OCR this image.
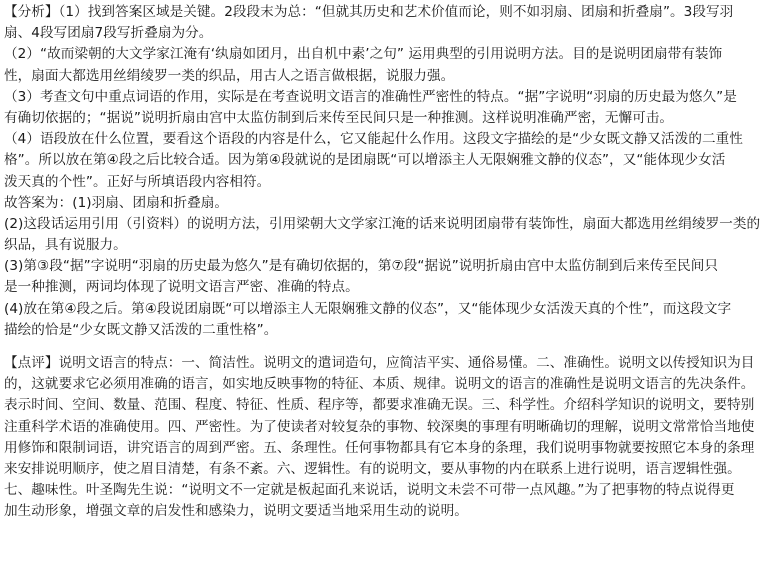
【分析】（1）找到答案区域是关键。2段段末为总：“但就其历史和艺术价值而论，则不如羽扇、团扇和折叠扇”。3段写羽
扇、4段写团扇7段写折叠扇为分。
（2）“故而梁朝的大文学家江淹有‘纨扇如团月，出自机中素’之句” 运用典型的引用说明方法。目的是说明团扇带有装饰
性，扇面大都选用丝绢绫罗一类的织品，用古人之语言做根据，说服力强。
（3）考查文句中重点词语的作用，实际是在考查说明文语言的准确性严密性的特点。“据”字说明“羽扇的历史最为悠久”是
有确切依据的；“据说”说明折扇由宫中太监仿制到后来传至民间只是一种推测。这样说明准确严密，无懈可击。
（4）语段放在什么位置，要看这个语段的内容是什么，它又能起什么作用。这段文字描绘的是“少女既文静又活泼的二重性
格”。所以放在第④段之后比较合适。因为第④段就说的是团扇既“可以增添主人无限娴雅文静的仪态”，又“能体现少女活
泼天真的个性”。正好与所填语段内容相符。
故答案为：(1)羽扇、团扇和折叠扇。
(2)这段话运用引用（引资料）的说明方法，引用梁朝大文学家江淹的话来说明团扇带有装饰性，扇面大都选用丝绢绫罗一类的
织品，具有说服力。
(3)第③段“据”字说明“羽扇的历史最为悠久”是有确切依据的，第⑦段“据说”说明折扇由宫中太监仿制到后来传至民间只
是一种推测，两词均体现了说明文语言严密、准确的特点。
(4)放在第④段之后。第④段说团扇既“可以增添主人无限娴雅文静的仪态”，又“能体现少女活泼天真的个性”，而这段文字
描绘的恰是“少女既文静又活泼的二重性格”。
【点评】说明文语言的特点：一、简洁性。说明文的遣词造句，应简洁平实、通俗易懂。二、准确性。说明文以传授知识为目
的，这就要求它必须用准确的语言，如实地反映事物的特征、本质、规律。说明文的语言的准确性是说明文语言的先决条件。
表示时间、空间、数量、范围、程度、特征、性质、程序等，都要求准确无误。三、科学性。介绍科学知识的说明文，要特别
注重科学术语的准确使用。四、严密性。为了使读者对较复杂的事物、较深奥的事理有明晰确切的理解，说明文常常恰当地使
用修饰和限制词语，讲究语言的周到严密。五、条理性。任何事物都具有它本身的条理，我们说明事物就要按照它本身的条理
来安排说明顺序，使之眉目清楚，有条不紊。六、逻辑性。有的说明文，要从事物的内在联系上进行说明，语言逻辑性强。
七、趣味性。叶圣陶先生说：“说明文不一定就是板起面孔来说话，说明文未尝不可带一点风趣。”为了把事物的特点说得更
加生动形象，增强文章的启发性和感染力，说明文要适当地采用生动的说明。
